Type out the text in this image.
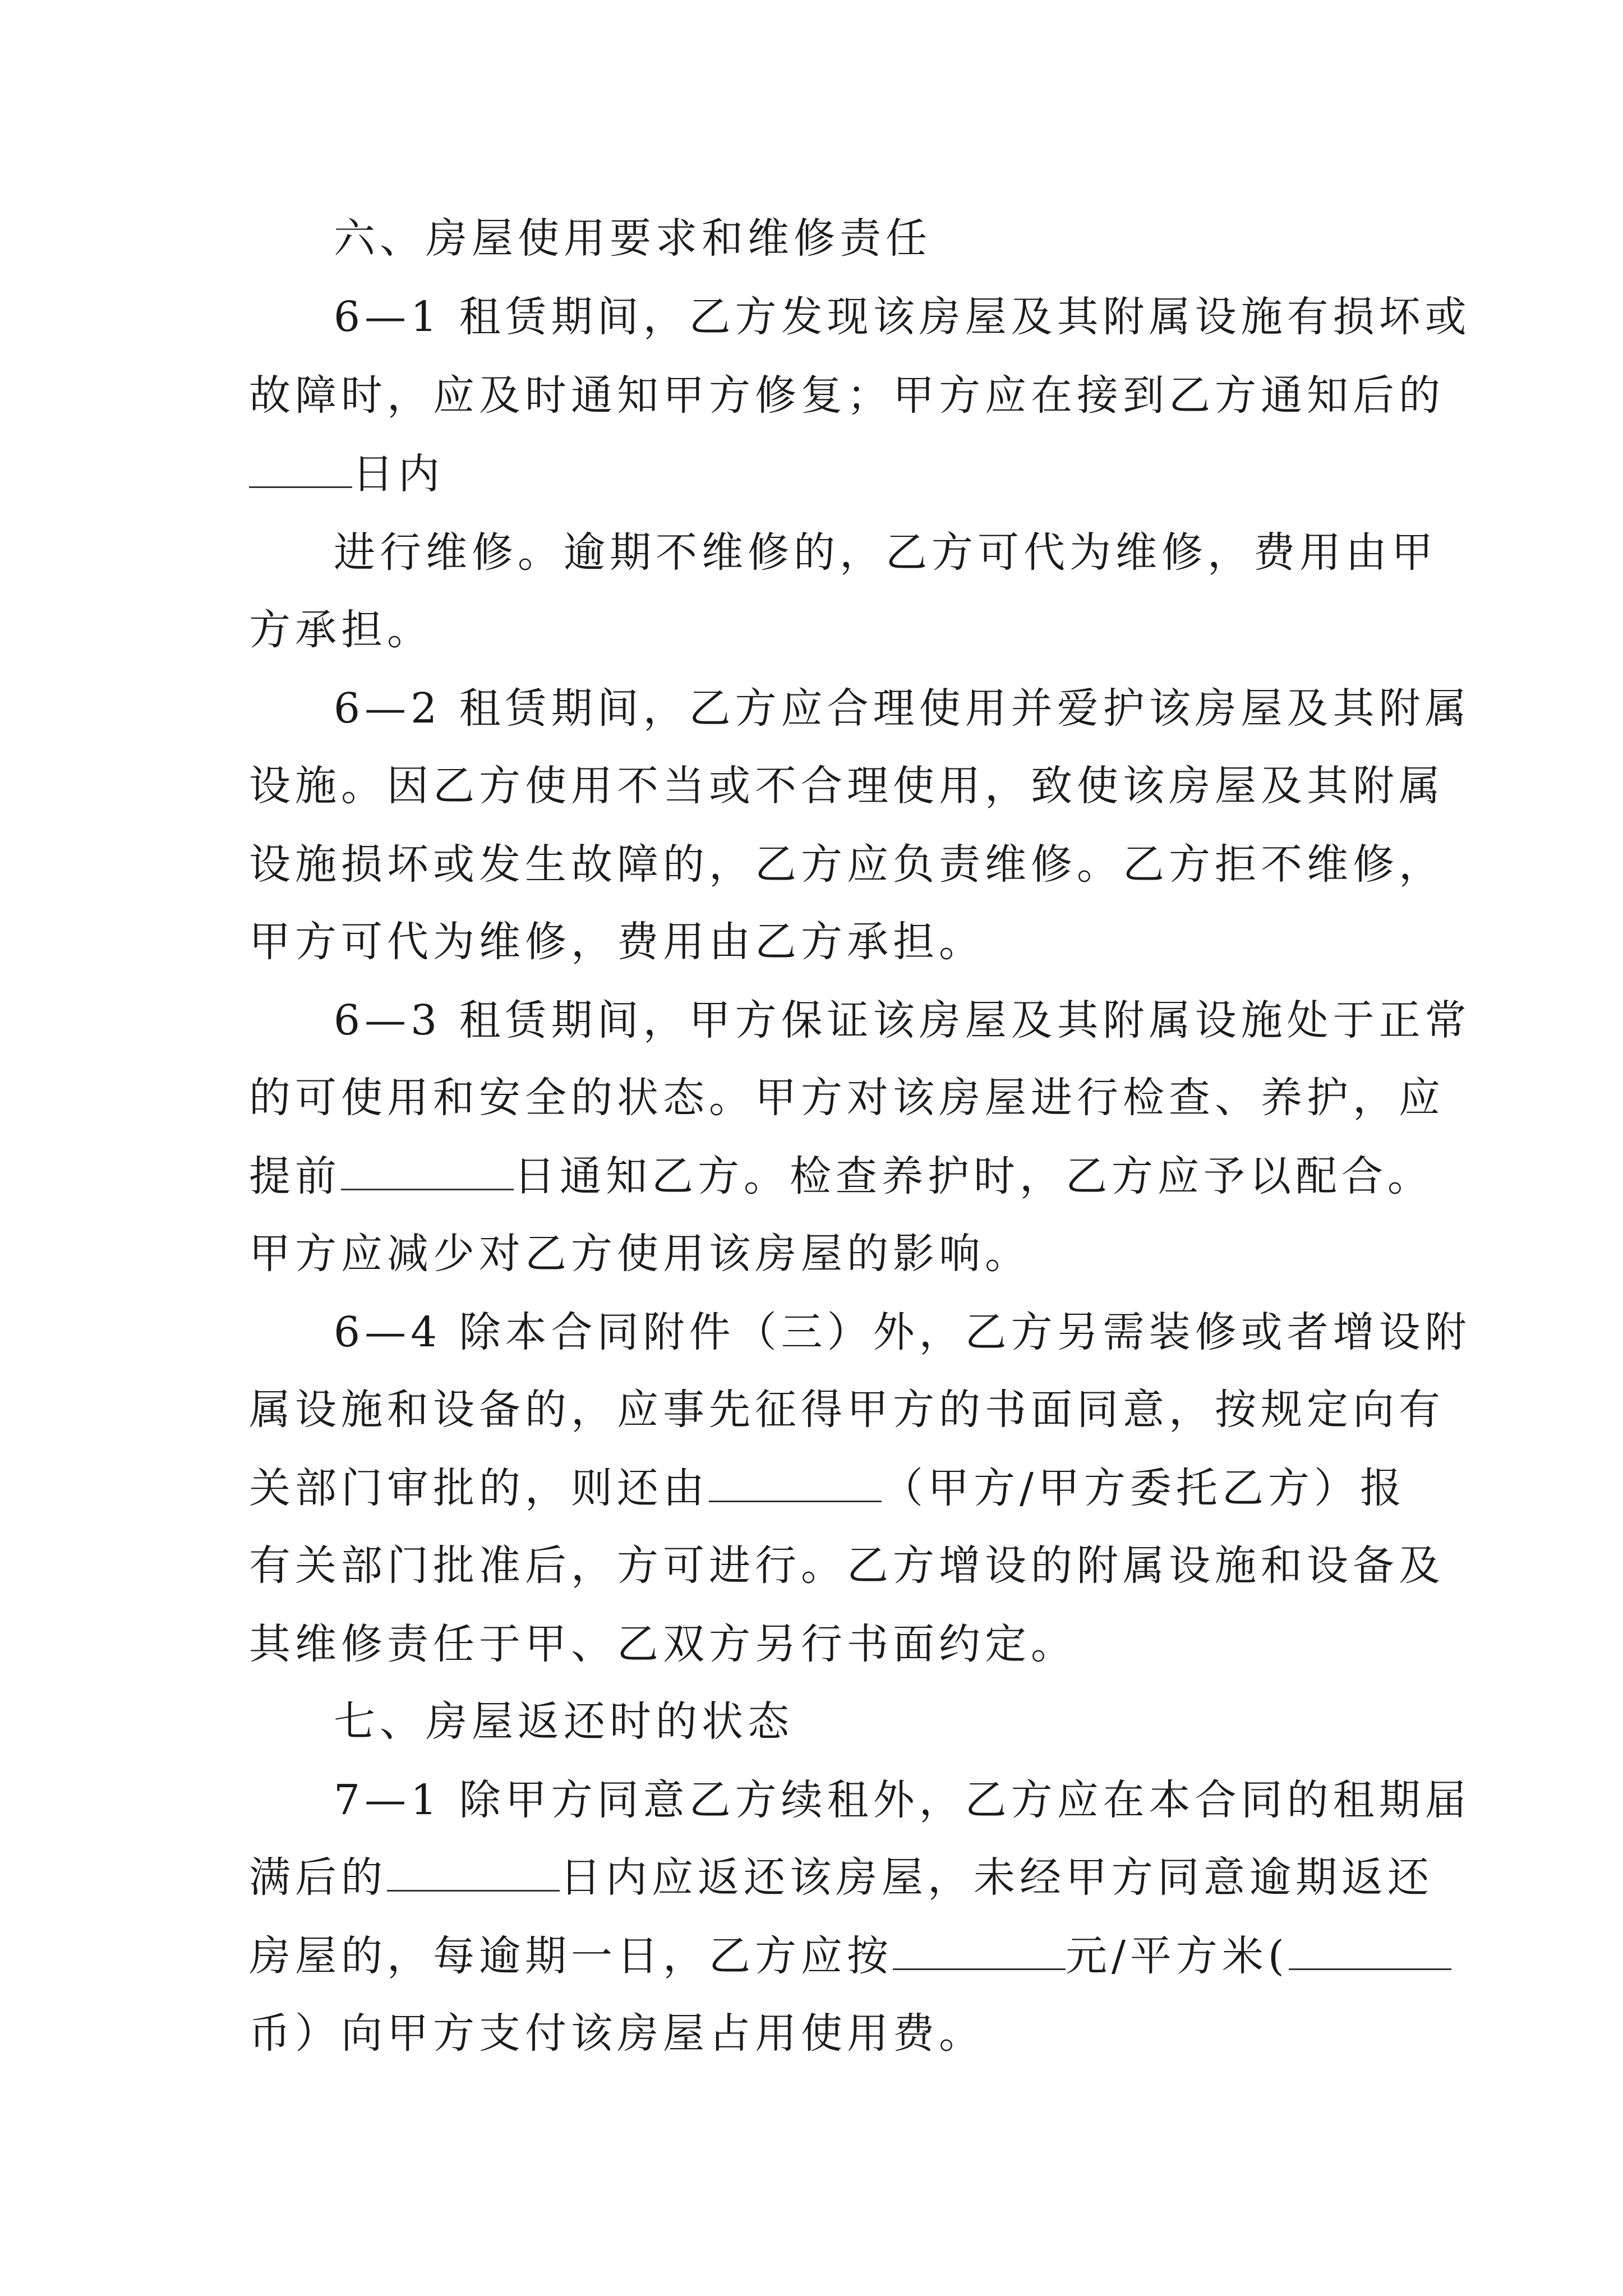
六、房屋使用要求和维修责任
6—1 租赁期间，乙方发现该房屋及其附属设施有损坏或
故障时，应及时通知甲方修复；甲方应在接到乙方通知后的
日内
进行维修。逾期不维修的，乙方可代为维修，费用由甲
方承担。
6—2 租赁期间，乙方应合理使用并爱护该房屋及其附属
设施。因乙方使用不当或不合理使用，致使该房屋及其附属
设施损坏或发生故障的，乙方应负责维修。乙方拒不维修，
甲方可代为维修，费用由乙方承担。
6—3 租赁期间，甲方保证该房屋及其附属设施处于正常
的可使用和安全的状态。甲方对该房屋进行检查、养护，应
提前	日通知乙方。检查养护时，乙方应予以配合。
甲方应减少对乙方使用该房屋的影响。
6—4 除本合同附件（三）外，乙方另需装修或者增设附
属设施和设备的，应事先征得甲方的书面同意，按规定向有
关部门审批的，则还由	（甲方/甲方委托乙方）报
有关部门批准后，方可进行。乙方增设的附属设施和设备及
其维修责任于甲、乙双方另行书面约定。
七、房屋返还时的状态
7—1 除甲方同意乙方续租外，乙方应在本合同的租期届
满后的	日内应返还该房屋，未经甲方同意逾期返还
房屋的，每逾期一日，乙方应按	元/平方米(
币）向甲方支付该房屋占用使用费。
